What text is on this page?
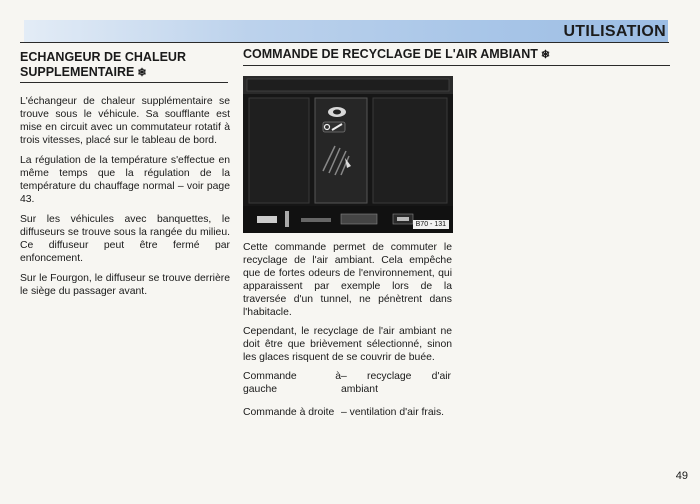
UTILISATION
ECHANGEUR DE CHALEUR
SUPPLEMENTAIRE ❄

L'échangeur de chaleur supplémentaire se trouve sous le véhicule. Sa soufflante est mise en circuit avec un commutateur rotatif à trois vitesses, placé sur le tableau de bord.

La régulation de la température s'effectue en même temps que la régulation de la température du chauffage normal – voir page 43.

Sur les véhicules avec banquettes, le diffuseurs se trouve sous la rangée du milieu. Ce diffuseur peut être fermé par enfoncement.

Sur le Fourgon, le diffuseur se trouve derrière le siège du passager avant.

COMMANDE DE RECYCLAGE DE L'AIR AMBIANT ❄
B70 - 131

Cette commande permet de commuter le recyclage de l'air ambiant. Cela empêche que de fortes odeurs de l'environnement, qui apparaissent par exemple lors de la traversée d'un tunnel, ne pénètrent dans l'habitacle.

Cependant, le recyclage de l'air ambiant ne doit être que brièvement sélectionné, sinon les glaces risquent de se couvrir de buée.

Commande à gauche– recyclage d'air ambiant
Commande à droite – ventilation d'air frais.
49
